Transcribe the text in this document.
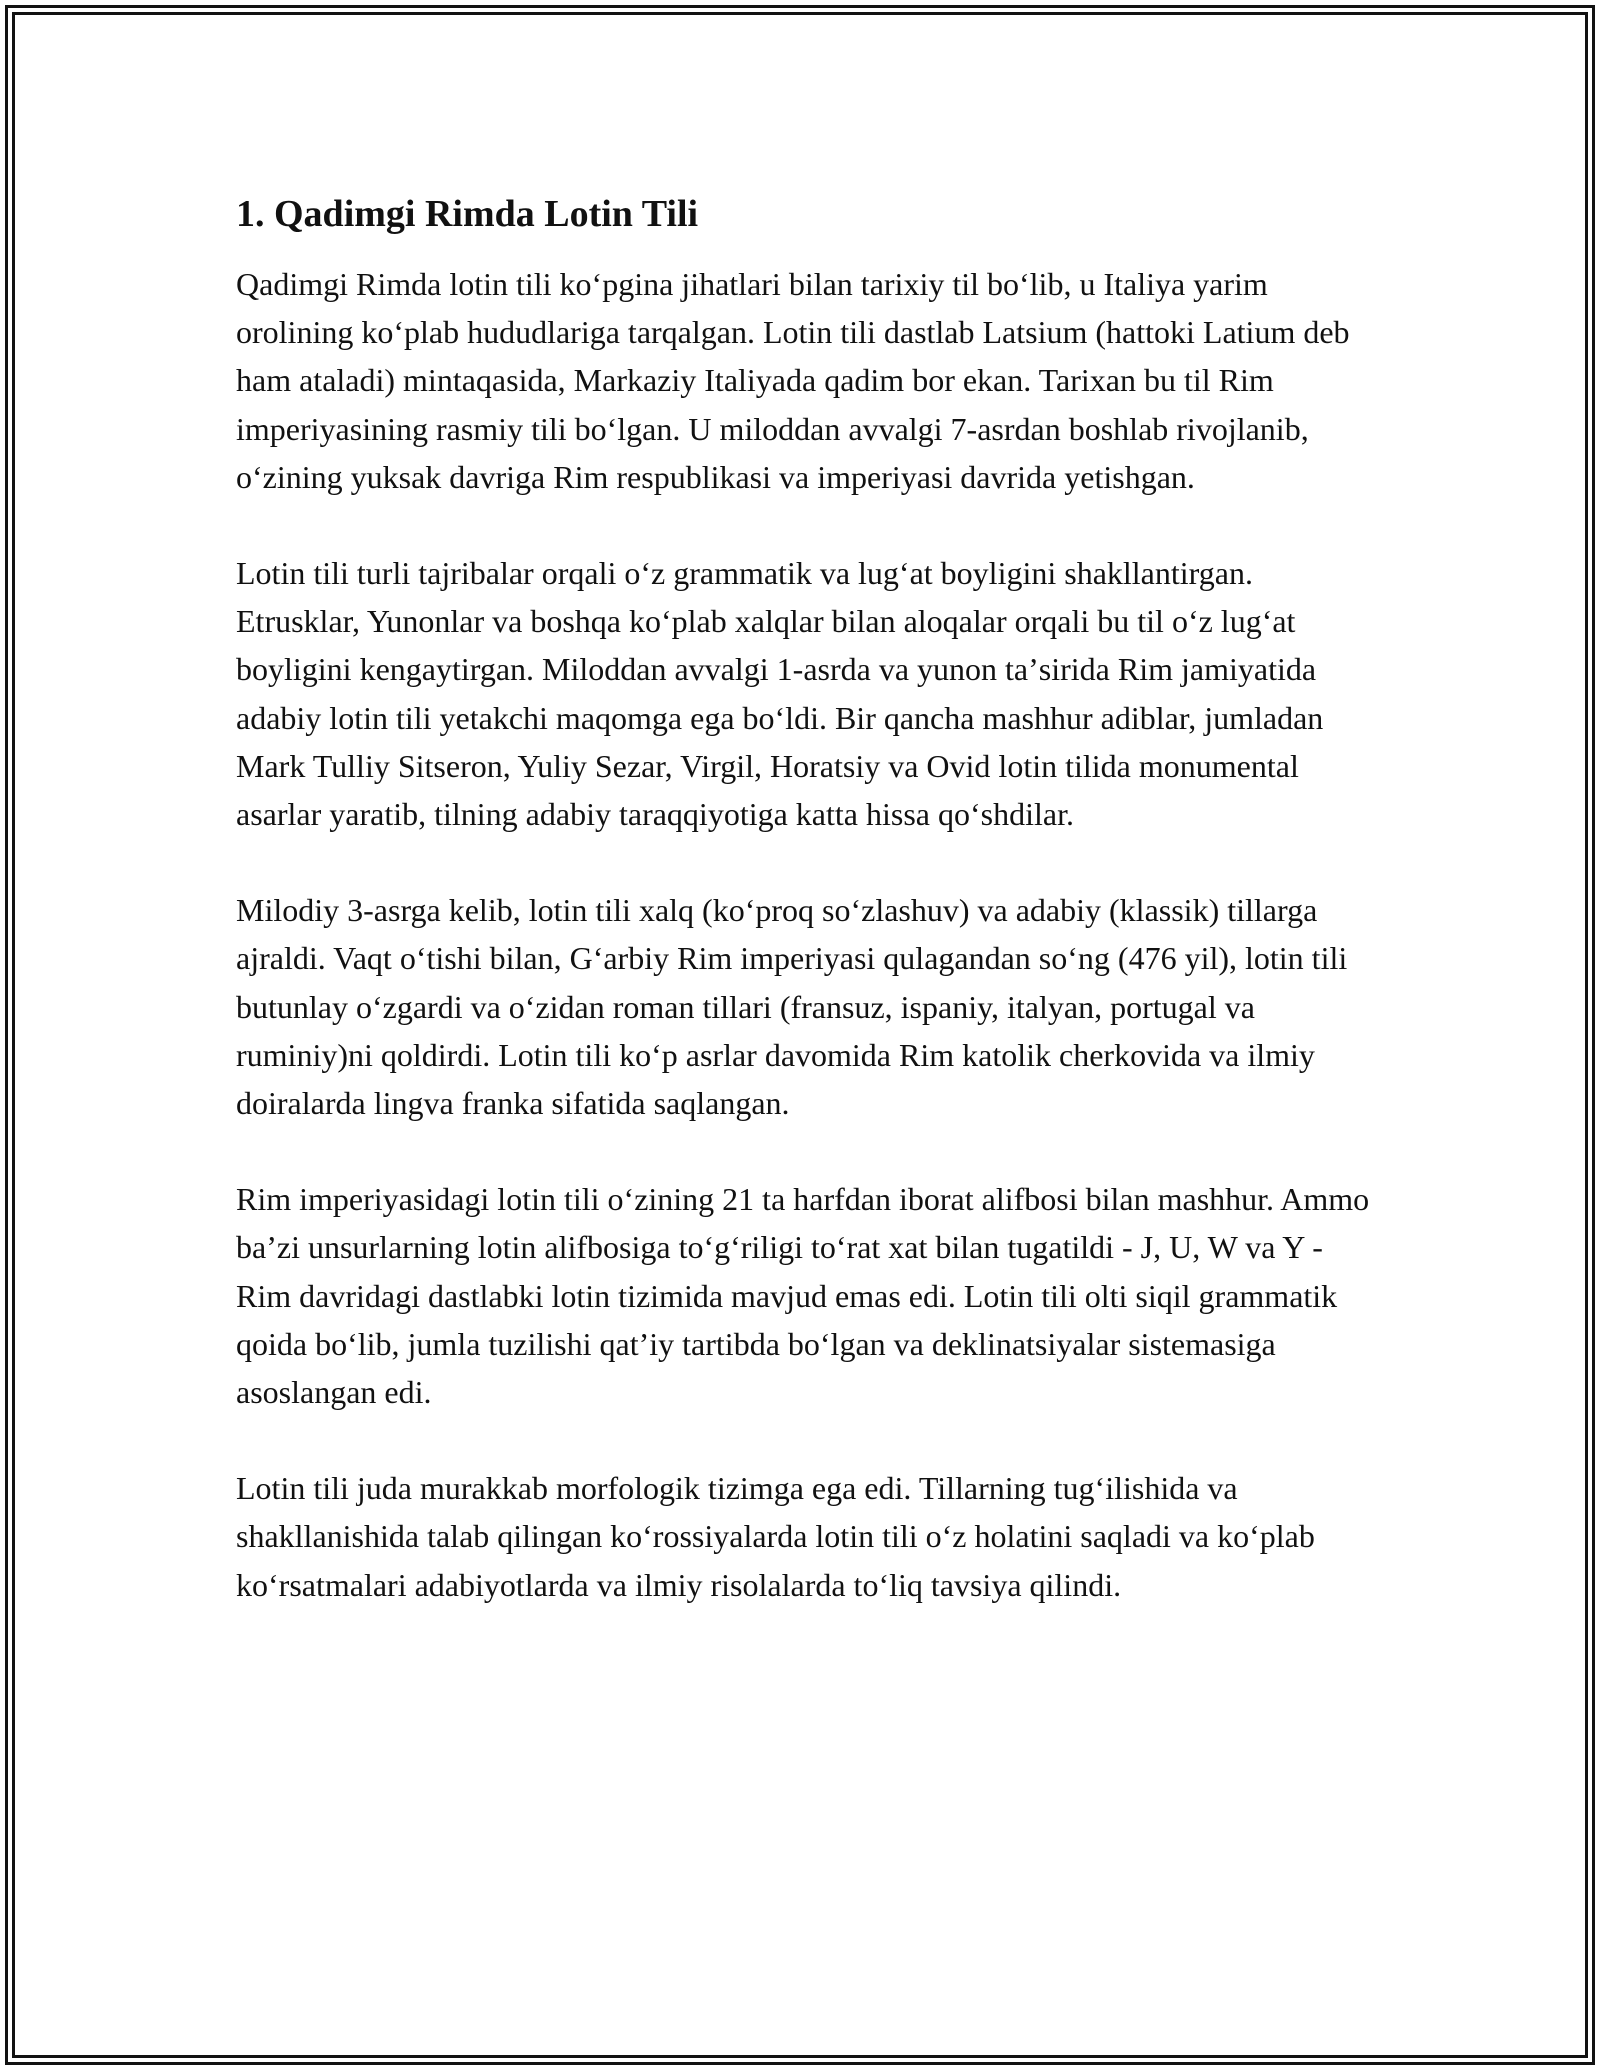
1. Qadimgi Rimda Lotin Tili

Qadimgi Rimda lotin tili koʻpgina jihatlari bilan tarixiy til boʻlib, u Italiya yarim orolining koʻplab hududlariga tarqalgan. Lotin tili dastlab Latsium (hattoki Latium deb ham ataladi) mintaqasida, Markaziy Italiyada qadim bor ekan. Tarixan bu til Rim imperiyasining rasmiy tili boʻlgan. U miloddan avvalgi 7-asrdan boshlab rivojlanib, oʻzining yuksak davriga Rim respublikasi va imperiyasi davrida yetishgan.

Lotin tili turli tajribalar orqali oʻz grammatik va lugʻat boyligini shakllantirgan. Etrusklar, Yunonlar va boshqa koʻplab xalqlar bilan aloqalar orqali bu til oʻz lugʻat boyligini kengaytirgan. Miloddan avvalgi 1-asrda va yunon taʼsirida Rim jamiyatida adabiy lotin tili yetakchi maqomga ega boʻldi. Bir qancha mashhur adiblar, jumladan Mark Tulliy Sitseron, Yuliy Sezar, Virgil, Horatsiy va Ovid lotin tilida monumental asarlar yaratib, tilning adabiy taraqqiyotiga katta hissa qoʻshdilar.

Milodiy 3-asrga kelib, lotin tili xalq (koʻproq soʻzlashuv) va adabiy (klassik) tillarga ajraldi. Vaqt oʻtishi bilan, Gʻarbiy Rim imperiyasi qulagandan soʻng (476 yil), lotin tili butunlay oʻzgardi va oʻzidan roman tillari (fransuz, ispaniy, italyan, portugal va ruminiy)ni qoldirdi. Lotin tili koʻp asrlar davomida Rim katolik cherkovida va ilmiy doiralarda lingva franka sifatida saqlangan.

Rim imperiyasidagi lotin tili oʻzining 21 ta harfdan iborat alifbosi bilan mashhur. Ammo baʼzi unsurlarning lotin alifbosiga toʻgʻriligi toʻrat xat bilan tugatildi - J, U, W va Y - Rim davridagi dastlabki lotin tizimida mavjud emas edi. Lotin tili olti siqil grammatik qoida boʻlib, jumla tuzilishi qatʼiy tartibda boʻlgan va deklinatsiyalar sistemasiga asoslangan edi.

Lotin tili juda murakkab morfologik tizimga ega edi. Tillarning tugʻilishida va shakllanishida talab qilingan koʻrossiyalarda lotin tili oʻz holatini saqladi va koʻplab koʻrsatmalari adabiyotlarda va ilmiy risolalarda toʻliq tavsiya qilindi.
